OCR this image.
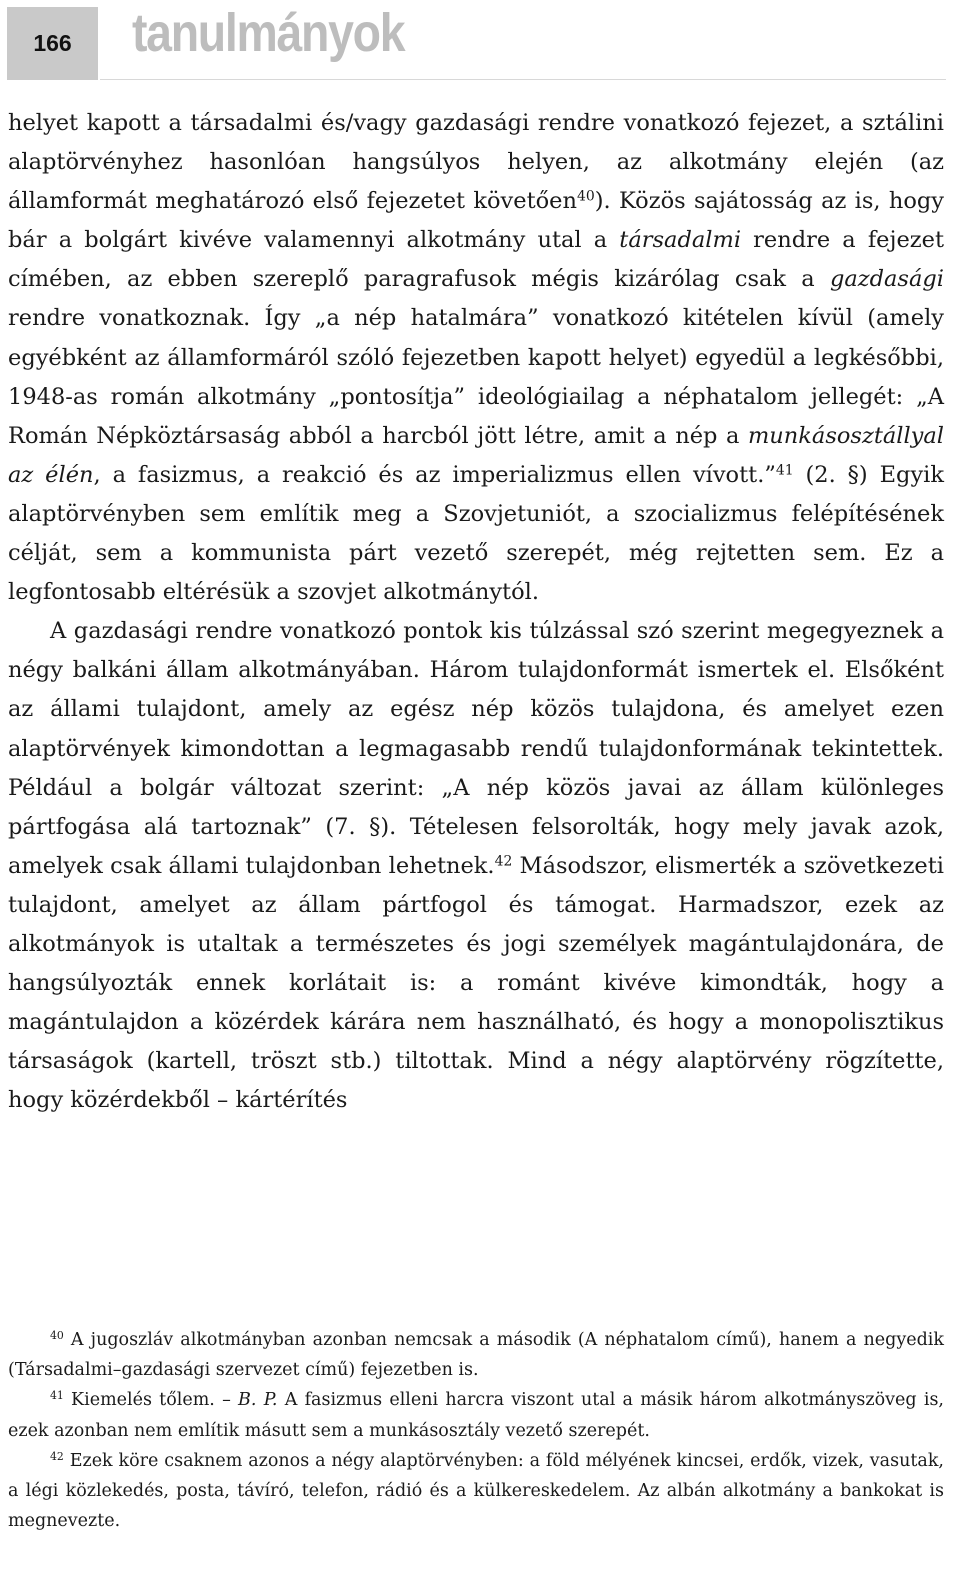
166	tanulmányok

helyet kapott a társadalmi és/vagy gazdasági rendre vonatkozó fejezet, a sztálini alaptörvényhez hasonlóan hangsúlyos helyen, az alkotmány elején (az államformát meghatározó első fejezetet követően$^{40}$). Közös sajátosság az is, hogy bár a bolgárt kivéve valamennyi alkotmány utal a társadalmi rendre a fejezet címében, az ebben szereplő paragrafusok mégis kizárólag csak a gazdasági rendre vonatkoznak. Így „a nép hatalmára” vonatkozó kitételen kívül (amely egyébként az államformáról szóló fejezetben kapott helyet) egyedül a legkésőbbi, 1948-as román alkotmány „pontosítja” ideológiailag a néphatalom jellegét: „A Román Népköztársaság abból a harcból jött létre, amit a nép a munkásosztállyal az élén, a fasizmus, a reakció és az imperializmus ellen vívott.”$^{41}$ (2. §) Egyik alaptörvényben sem említik meg a Szovjetuniót, a szocializmus felépítésének célját, sem a kommunista párt vezető szerepét, még rejtetten sem. Ez a legfontosabb eltérésük a szovjet alkotmánytól.

A gazdasági rendre vonatkozó pontok kis túlzással szó szerint megegyeznek a négy balkáni állam alkotmányában. Három tulajdonformát ismertek el. Elsőként az állami tulajdont, amely az egész nép közös tulajdona, és amelyet ezen alaptörvények kimondottan a legmagasabb rendű tulajdonformának tekintettek. Például a bolgár változat szerint: „A nép közös javai az állam különleges pártfogása alá tartoznak” (7. §). Tételesen felsorolták, hogy mely javak azok, amelyek csak állami tulajdonban lehetnek.$^{42}$ Másodszor, elismerték a szövetkezeti tulajdont, amelyet az állam pártfogol és támogat. Harmadszor, ezek az alkotmányok is utaltak a természetes és jogi személyek magántulajdonára, de hangsúlyozták ennek korlátait is: a románt kivéve kimondták, hogy a magántulajdon a közérdek kárára nem használható, és hogy a monopolisztikus társaságok (kartell, tröszt stb.) tiltottak. Mind a négy alaptörvény rögzítette, hogy közérdekből – kártérítés

$^{40}$ A jugoszláv alkotmányban azonban nemcsak a második (A néphatalom című), hanem a negyedik (Társadalmi–gazdasági szervezet című) fejezetben is.

$^{41}$ Kiemelés tőlem. – B. P. A fasizmus elleni harcra viszont utal a másik három alkotmányszöveg is, ezek azonban nem említik másutt sem a munkásosztály vezető szerepét.

$^{42}$ Ezek köre csaknem azonos a négy alaptörvényben: a föld mélyének kincsei, erdők, vizek, vasutak, a légi közlekedés, posta, távíró, telefon, rádió és a külkereskedelem. Az albán alkotmány a bankokat is megnevezte.
